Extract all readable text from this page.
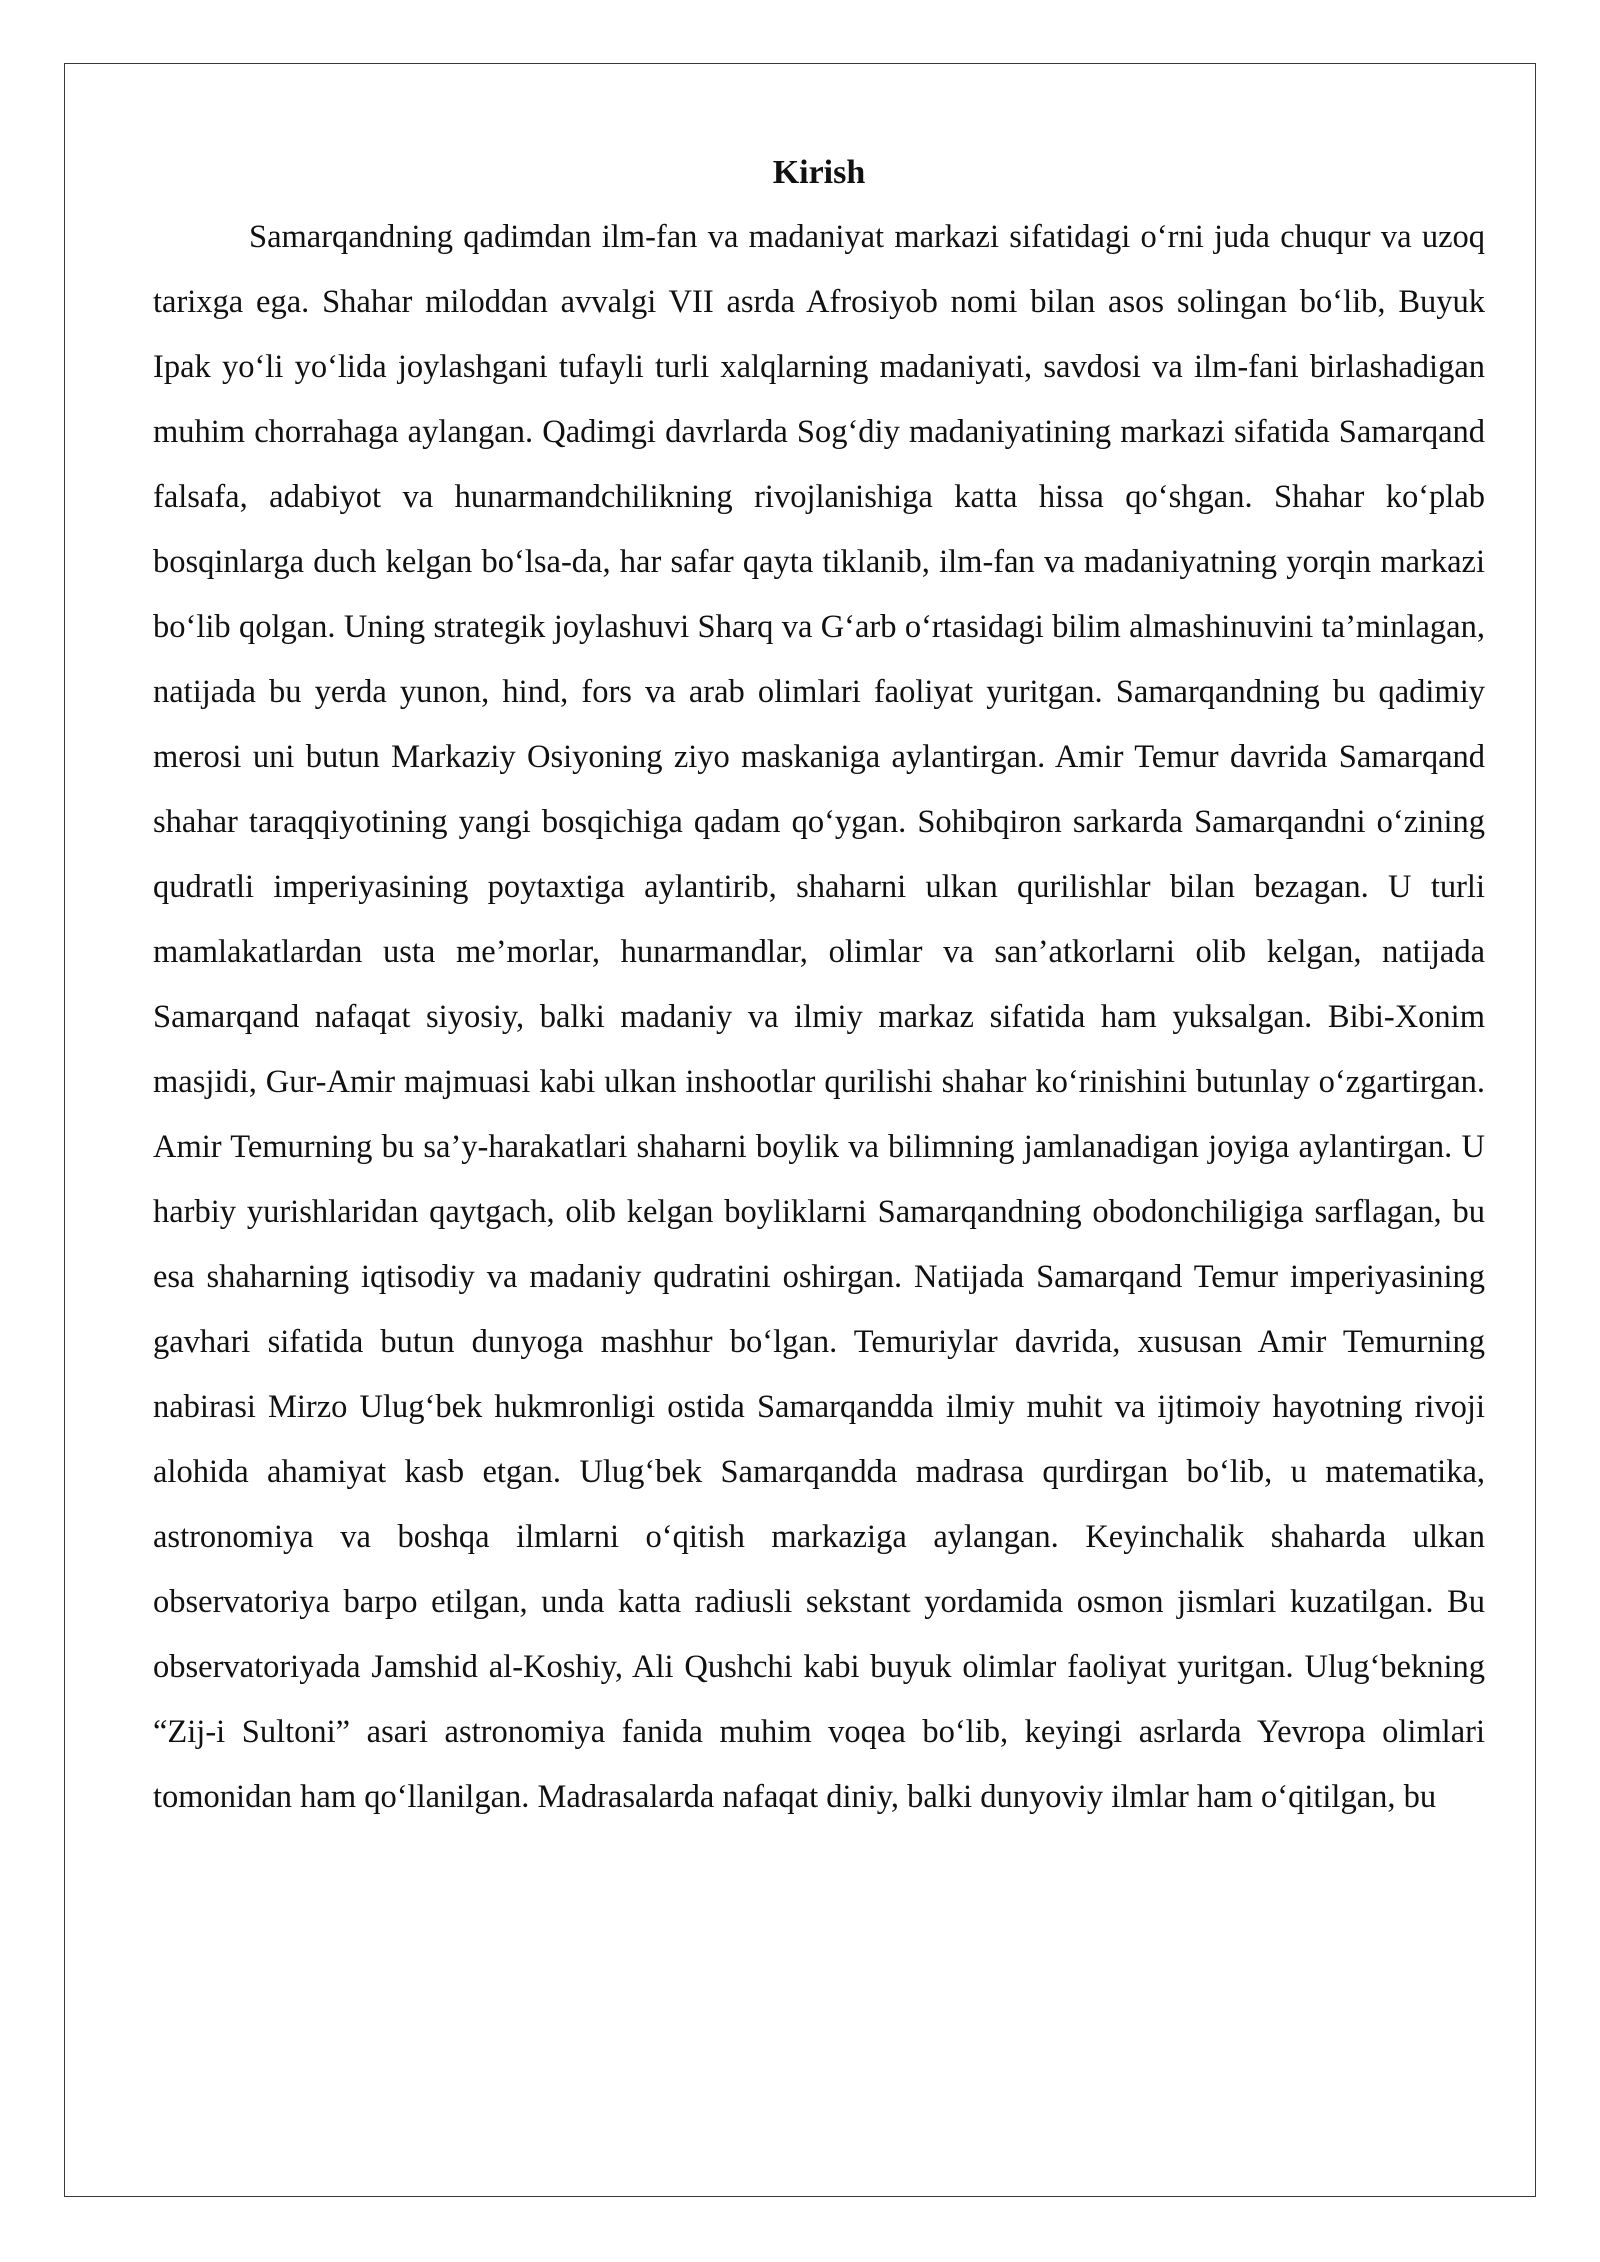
Kirish

Samarqandning qadimdan ilm-fan va madaniyat markazi sifatidagi o‘rni juda chuqur va uzoq tarixga ega. Shahar miloddan avvalgi VII asrda Afrosiyob nomi bilan asos solingan bo‘lib, Buyuk Ipak yo‘li yo‘lida joylashgani tufayli turli xalqlarning madaniyati, savdosi va ilm-fani birlashadigan muhim chorrahaga aylangan. Qadimgi davrlarda Sog‘diy madaniyatining markazi sifatida Samarqand falsafa, adabiyot va hunarmandchilikning rivojlanishiga katta hissa qo‘shgan. Shahar ko‘plab bosqinlarga duch kelgan bo‘lsa-da, har safar qayta tiklanib, ilm-fan va madaniyatning yorqin markazi bo‘lib qolgan. Uning strategik joylashuvi Sharq va G‘arb o‘rtasidagi bilim almashinuvini ta’minlagan, natijada bu yerda yunon, hind, fors va arab olimlari faoliyat yuritgan. Samarqandning bu qadimiy merosi uni butun Markaziy Osiyoning ziyo maskaniga aylantirgan. Amir Temur davrida Samarqand shahar taraqqiyotining yangi bosqichiga qadam qo‘ygan. Sohibqiron sarkarda Samarqandni o‘zining qudratli imperiyasining poytaxtiga aylantirib, shaharni ulkan qurilishlar bilan bezagan. U turli mamlakatlardan usta me’morlar, hunarmandlar, olimlar va san’atkorlarni olib kelgan, natijada Samarqand nafaqat siyosiy, balki madaniy va ilmiy markaz sifatida ham yuksalgan. Bibi-Xonim masjidi, Gur-Amir majmuasi kabi ulkan inshootlar qurilishi shahar ko‘rinishini butunlay o‘zgartirgan. Amir Temurning bu sa’y-harakatlari shaharni boylik va bilimning jamlanadigan joyiga aylantirgan. U harbiy yurishlaridan qaytgach, olib kelgan boyliklarni Samarqandning obodonchiligiga sarflagan, bu esa shaharning iqtisodiy va madaniy qudratini oshirgan. Natijada Samarqand Temur imperiyasining gavhari sifatida butun dunyoga mashhur bo‘lgan. Temuriylar davrida, xususan Amir Temurning nabirasi Mirzo Ulug‘bek hukmronligi ostida Samarqandda ilmiy muhit va ijtimoiy hayotning rivoji alohida ahamiyat kasb etgan. Ulug‘bek Samarqandda madrasa qurdirgan bo‘lib, u matematika, astronomiya va boshqa ilmlarni o‘qitish markaziga aylangan. Keyinchalik shaharda ulkan observatoriya barpo etilgan, unda katta radiusli sekstant yordamida osmon jismlari kuzatilgan. Bu observatoriyada Jamshid al-Koshiy, Ali Qushchi kabi buyuk olimlar faoliyat yuritgan. Ulug‘bekning “Zij-i Sultoni” asari astronomiya fanida muhim voqea bo‘lib, keyingi asrlarda Yevropa olimlari tomonidan ham qo‘llanilgan. Madrasalarda nafaqat diniy, balki dunyoviy ilmlar ham o‘qitilgan, bu
